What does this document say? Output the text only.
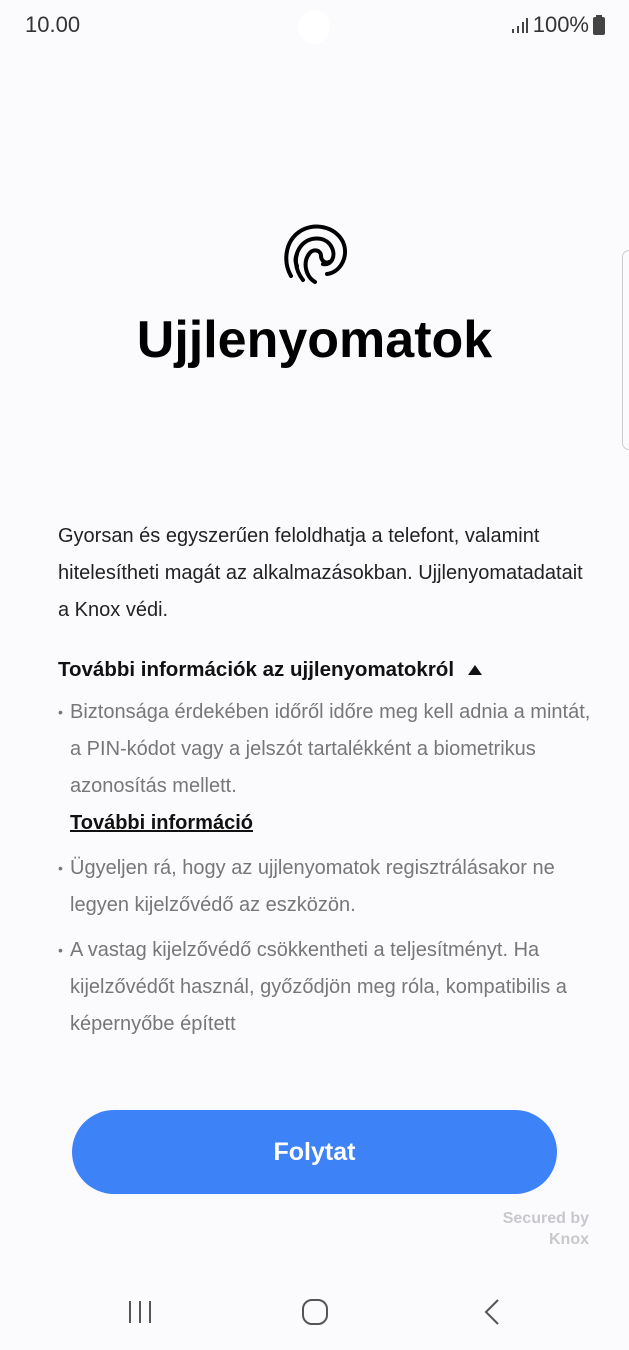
10.00	100%
Ujjlenyomatok

Gyorsan és egyszerűen feloldhatja a telefont, valamint hitelesítheti magát az alkalmazásokban. Ujjlenyomatadatait a Knox védi.

További információk az ujjlenyomatokról
• Biztonsága érdekében időről időre meg kell adnia a mintát, a PIN-kódot vagy a jelszót tartalékként a biometrikus azonosítás mellett.
További információ
• Ügyeljen rá, hogy az ujjlenyomatok regisztrálásakor ne legyen kijelzővédő az eszközön.
• A vastag kijelzővédő csökkentheti a teljesítményt. Ha kijelzővédőt használ, győződjön meg róla, kompatibilis a képernyőbe épített
Folytat
Secured by
Knox
